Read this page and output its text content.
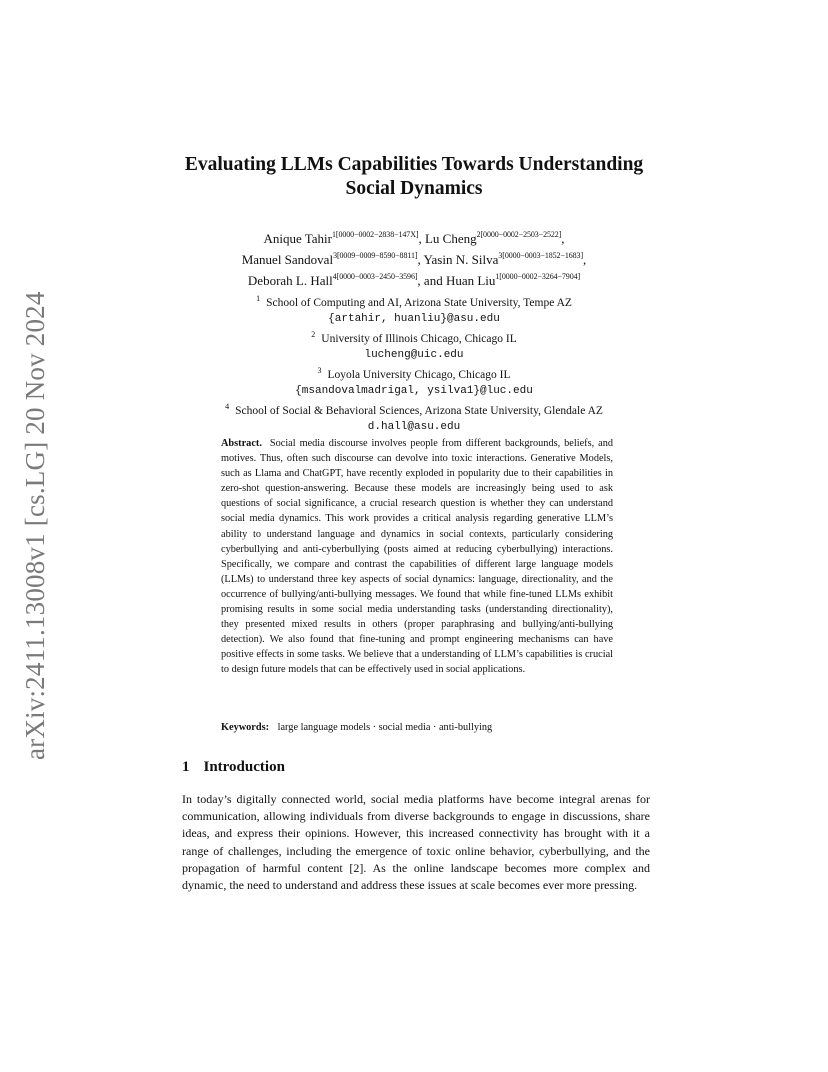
arXiv:2411.13008v1 [cs.LG] 20 Nov 2024
Evaluating LLMs Capabilities Towards Understanding
Social Dynamics
Anique Tahir$^{1[0000-0002-2838-147X]}$, Lu Cheng$^{2[0000-0002-2503-2522]}$,
Manuel Sandoval$^{3[0009-0009-8590-8811]}$, Yasin N. Silva$^{3[0000-0003-1852-1683]}$,
Deborah L. Hall$^{4[0000-0003-2450-3596]}$, and Huan Liu$^{1[0000-0002-3264-7904]}$
$^1$ School of Computing and AI, Arizona State University, Tempe AZ
{artahir, huanliu}@asu.edu
$^2$ University of Illinois Chicago, Chicago IL
lucheng@uic.edu
$^3$ Loyola University Chicago, Chicago IL
{msandovalmadrigal, ysilva1}@luc.edu
$^4$ School of Social & Behavioral Sciences, Arizona State University, Glendale AZ
d.hall@asu.edu
Abstract. Social media discourse involves people from different backgrounds, beliefs, and motives. Thus, often such discourse can devolve into toxic interactions. Generative Models, such as Llama and ChatGPT, have recently exploded in popularity due to their capabilities in zero-shot question-answering. Because these models are increasingly being used to ask questions of social significance, a crucial research question is whether they can understand social media dynamics. This work provides a critical analysis regarding generative LLM’s ability to understand language and dynamics in social contexts, particularly considering cyberbullying and anti-cyberbullying (posts aimed at reducing cyberbullying) interactions. Specifically, we compare and contrast the capabilities of different large language models (LLMs) to understand three key aspects of social dynamics: language, directionality, and the occurrence of bullying/anti-bullying messages. We found that while fine-tuned LLMs exhibit promising results in some social media understanding tasks (understanding directionality), they presented mixed results in others (proper paraphrasing and bullying/anti-bullying detection). We also found that fine-tuning and prompt engineering mechanisms can have positive effects in some tasks. We believe that a understanding of LLM’s capabilities is crucial to design future models that can be effectively used in social applications.
Keywords: large language models · social media · anti-bullying
1 Introduction
In today’s digitally connected world, social media platforms have become integral arenas for communication, allowing individuals from diverse backgrounds to engage in discussions, share ideas, and express their opinions. However, this increased connectivity has brought with it a range of challenges, including the emergence of toxic online behavior, cyberbullying, and the propagation of harmful content [2]. As the online landscape becomes more complex and dynamic, the need to understand and address these issues at scale becomes ever more pressing.
